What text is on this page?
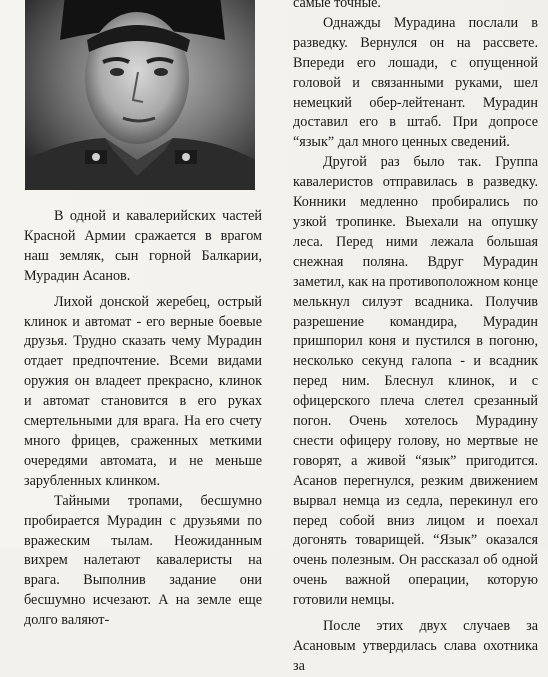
В одной и кавалерийских частей Красной Армии сражается в врагом наш земляк, сын горной Балкарии, Мурадин Асанов.

Лихой донской жеребец, острый клинок и автомат - его верные боевые друзья. Трудно сказать чему Мурадин отдает предпочтение. Всеми видами оружия он владеет прекрасно, клинок и автомат становится в его руках смертельными для врага. На его счету много фрицев, сраженных меткими очередями автомата, и не меньше зарубленных клинком.

Тайными тропами, бесшумно пробирается Мурадин с друзьями по вражеским тылам. Неожиданным вихрем налетают кавалеристы на врага. Выполнив задание они бесшумно исчезают. А на земле еще долго валяют-

самые точные.

Однажды Мурадина послали в разведку. Вернулся он на рассвете. Впереди его лошади, с опущенной головой и связанными руками, шел немецкий обер-лейтенант. Мурадин доставил его в штаб. При допросе “язык” дал много ценных сведений.

Другой раз было так. Группа кавалеристов отправилась в разведку. Конники медленно пробирались по узкой тропинке. Выехали на опушку леса. Перед ними лежала большая снежная поляна. Вдруг Мурадин заметил, как на противоположном конце мелькнул силуэт всадника. Получив разрешение командира, Мурадин пришпорил коня и пустился в погоню, несколько секунд галопа - и всадник перед ним. Блеснул клинок, и с офицерского плеча слетел срезанный погон. Очень хотелось Мурадину снести офицеру голову, но мертвые не говорят, а живой “язык” пригодится. Асанов перегнулся, резким движением вырвал немца из седла, перекинул его перед собой вниз лицом и поехал догонять товарищей. “Язык” оказался очень полезным. Он рассказал об одной очень важной операции, которую готовили немцы.

После этих двух случаев за Асановым утвердилась слава охотника за
